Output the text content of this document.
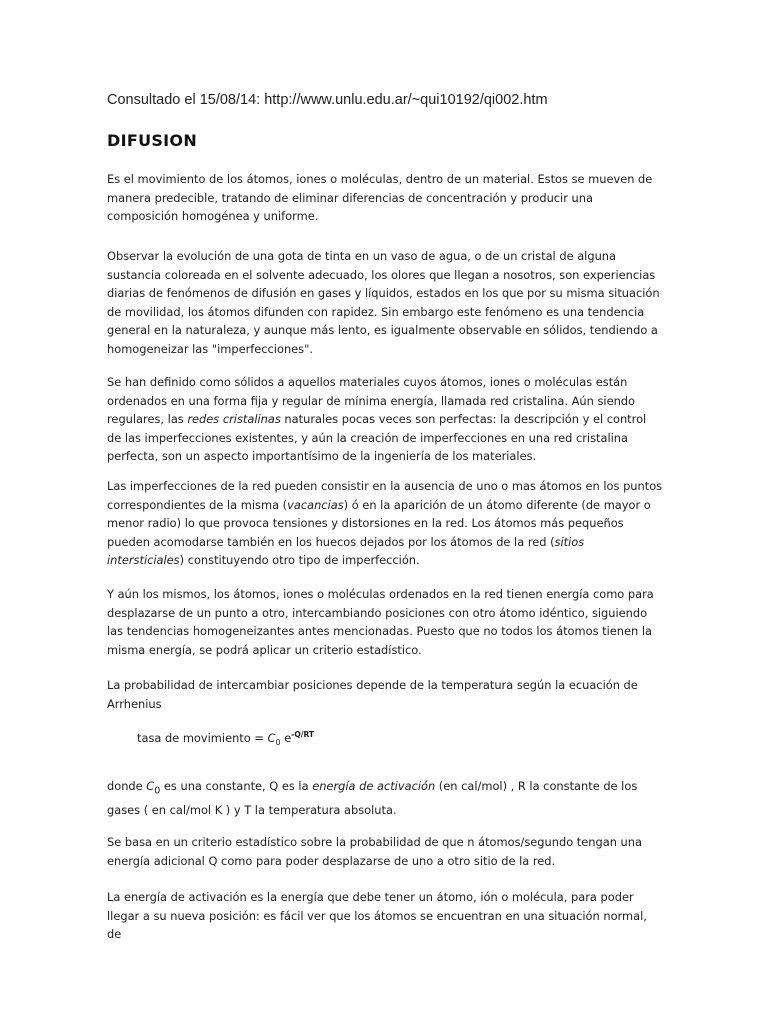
Consultado el 15/08/14: http://www.unlu.edu.ar/~qui10192/qi002.htm
DIFUSION

Es el movimiento de los átomos, iones o moléculas, dentro de un material. Estos se mueven de manera predecible, tratando de eliminar diferencias de concentración y producir una composición homogénea y uniforme.

Observar la evolución de una gota de tinta en un vaso de agua, o de un cristal de alguna sustancia coloreada en el solvente adecuado, los olores que llegan a nosotros, son experiencias diarias de fenómenos de difusión en gases y líquidos, estados en los que por su misma situación de movilidad, los átomos difunden con rapidez. Sin embargo este fenómeno es una tendencia general en la naturaleza, y aunque más lento, es igualmente observable en sólidos, tendiendo a homogeneizar las "imperfecciones".

Se han definido como sólidos a aquellos materiales cuyos átomos, iones o moléculas están ordenados en una forma fija y regular de mínima energía, llamada red cristalina. Aún siendo regulares, las redes cristalinas naturales pocas veces son perfectas: la descripción y el control de las imperfecciones existentes, y aún la creación de imperfecciones en una red cristalina perfecta, son un aspecto importantísimo de la ingeniería de los materiales.

Las imperfecciones de la red pueden consistir en la ausencia de uno o mas átomos en los puntos correspondientes de la misma (vacancias) ó en la aparición de un átomo diferente (de mayor o menor radio) lo que provoca tensiones y distorsiones en la red. Los átomos más pequeños pueden acomodarse también en los huecos dejados por los átomos de la red (sitios intersticiales) constituyendo otro tipo de imperfección.

Y aún los mismos, los átomos, iones o moléculas ordenados en la red tienen energía como para desplazarse de un punto a otro, intercambiando posiciones con otro átomo idéntico, siguiendo las tendencias homogeneizantes antes mencionadas. Puesto que no todos los átomos tienen la misma energía, se podrá aplicar un criterio estadístico.

La probabilidad de intercambiar posiciones depende de la temperatura según la ecuación de Arrhenius

tasa de movimiento = $C_0$ $e^{-Q/RT}$

donde $C_0$ es una constante, Q es la energía de activación (en cal/mol) , R la constante de los gases ( en cal/mol K ) y T la temperatura absoluta.

Se basa en un criterio estadístico sobre la probabilidad de que n átomos/segundo tengan una energía adicional Q como para poder desplazarse de uno a otro sitio de la red.

La energía de activación es la energía que debe tener un átomo, ión o molécula, para poder llegar a su nueva posición: es fácil ver que los átomos se encuentran en una situación normal, de
